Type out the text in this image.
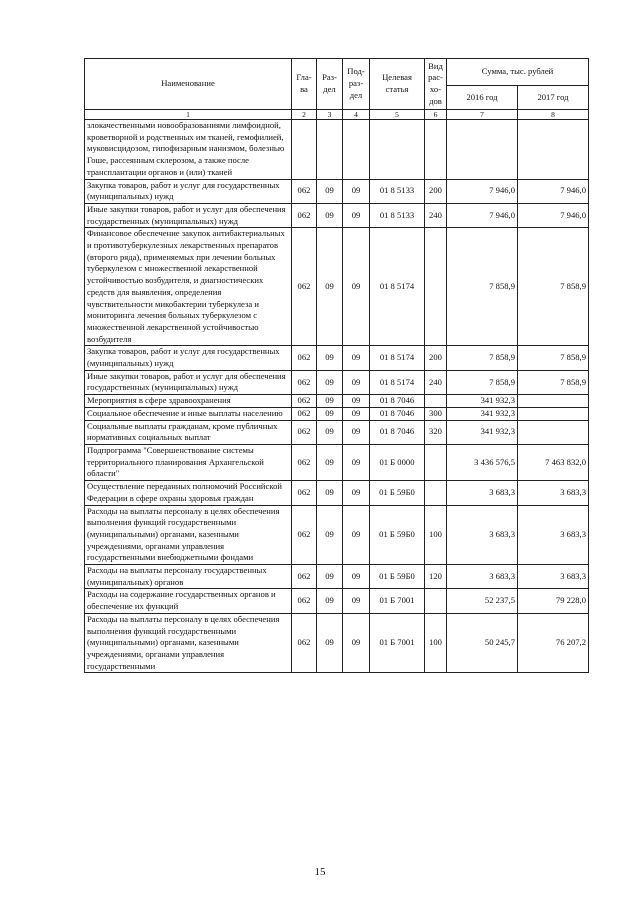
Наименование	Гла-ва	Раз-дел	Под-раз-дел	Целевая статья	Вид рас-хо-дов	Сумма, тыс. рублей	
						2016 год	2017 год
1	2	3	4	5	6	7	8
злокачественными новообразованиями лимфоидной, кроветворной и родственных им тканей, гемофилией, муковисцидозом, гипофизарным нанизмом, болезнью Гоше, рассеянным склерозом, а также после трансплантации органов и (или) тканей							
Закупка товаров, работ и услуг для государственных (муниципальных) нужд	062	09	09	01 8 5133	200	7 946,0	7 946,0
Иные закупки товаров, работ и услуг для обеспечения государственных (муниципальных) нужд	062	09	09	01 8 5133	240	7 946,0	7 946,0
Финансовое обеспечение закупок антибактериальных и противотуберкулезных лекарственных препаратов (второго ряда), применяемых при лечении больных туберкулезом с множественной лекарственной устойчивостью возбудителя, и диагностических средств для выявления, определения чувствительности микобактерии туберкулеза и мониторинга лечения больных туберкулезом с множественной лекарственной устойчивостью возбудителя	062	09	09	01 8 5174		7 858,9	7 858,9
Закупка товаров, работ и услуг для государственных (муниципальных) нужд	062	09	09	01 8 5174	200	7 858,9	7 858,9
Иные закупки товаров, работ и услуг для обеспечения государственных (муниципальных) нужд	062	09	09	01 8 5174	240	7 858,9	7 858,9
Мероприятия в сфере здравоохранения	062	09	09	01 8 7046		341 932,3	
Социальное обеспечение и иные выплаты населению	062	09	09	01 8 7046	300	341 932,3	
Социальные выплаты гражданам, кроме публичных нормативных социальных выплат	062	09	09	01 8 7046	320	341 932,3	
Подпрограмма "Совершенствование системы территориального планирования Архангельской области"	062	09	09	01 Б 0000		3 436 576,5	7 463 832,0
Осуществление переданных полномочий Российской Федерации в сфере охраны здоровья граждан	062	09	09	01 Б 59Б0		3 683,3	3 683,3
Расходы на выплаты персоналу в целях обеспечения выполнения функций государственными (муниципальными) органами, казенными учреждениями, органами управления государственными внебюджетными фондами	062	09	09	01 Б 59Б0	100	3 683,3	3 683,3
Расходы на выплаты персоналу государственных (муниципальных) органов	062	09	09	01 Б 59Б0	120	3 683,3	3 683,3
Расходы на содержание государственных органов и обеспечение их функций	062	09	09	01 Б 7001		52 237,5	79 228,0
Расходы на выплаты персоналу в целях обеспечения выполнения функций государственными (муниципальными) органами, казенными учреждениями, органами управления государственными	062	09	09	01 Б 7001	100	50 245,7	76 207,2
15
